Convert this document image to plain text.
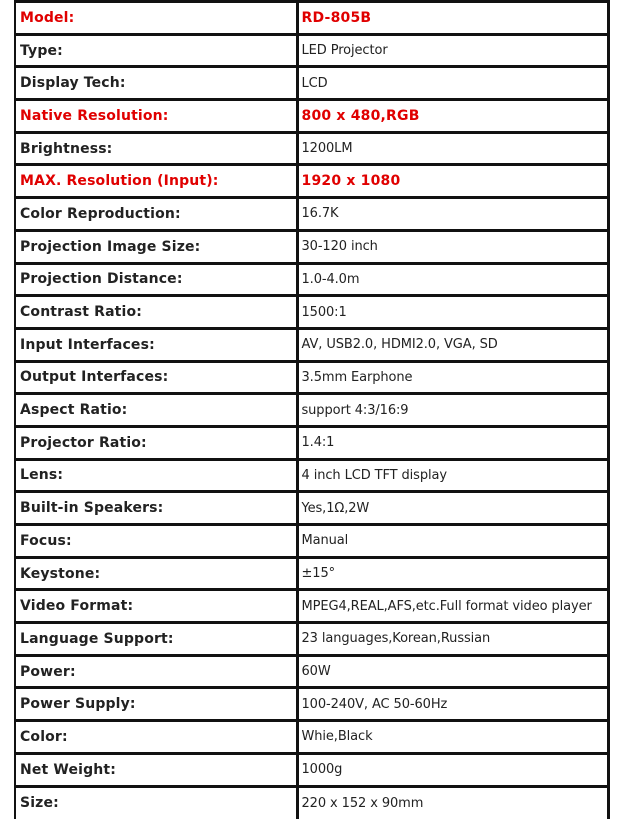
Model:	RD-805B
Type:	LED Projector
Display Tech:	LCD
Native Resolution:	800 x 480,RGB
Brightness:	1200LM
MAX. Resolution (Input):	1920 x 1080
Color Reproduction:	16.7K
Projection Image Size:	30-120 inch
Projection Distance:	1.0-4.0m
Contrast Ratio:	1500:1
Input Interfaces:	AV, USB2.0, HDMI2.0, VGA, SD
Output Interfaces:	3.5mm Earphone
Aspect Ratio:	support 4:3/16:9
Projector Ratio:	1.4:1
Lens:	4 inch LCD TFT display
Built-in Speakers:	Yes,1Ω,2W
Focus:	Manual
Keystone:	±15°
Video Format:	MPEG4,REAL,AFS,etc.Full format video player
Language Support:	23 languages,Korean,Russian
Power:	60W
Power Supply:	100-240V, AC 50-60Hz
Color:	Whie,Black
Net Weight:	1000g
Size:	220 x 152 x 90mm
